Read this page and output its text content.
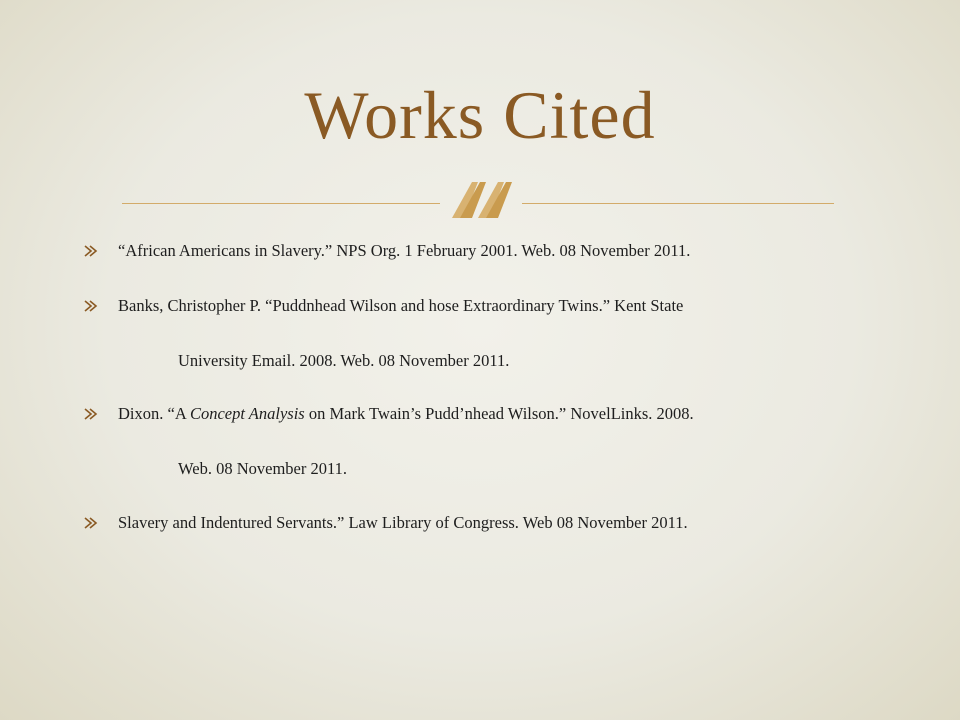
Works Cited
“African Americans in Slavery.” NPS Org. 1 February 2001. Web. 08 November 2011.
Banks, Christopher P. “Puddnhead Wilson and hose Extraordinary Twins.” Kent State
University Email. 2008. Web. 08 November 2011.
Dixon. “A Concept Analysis on Mark Twain’s Pudd’nhead Wilson.” NovelLinks. 2008.
Web. 08 November 2011.
Slavery and Indentured Servants.” Law Library of Congress. Web 08 November 2011.
